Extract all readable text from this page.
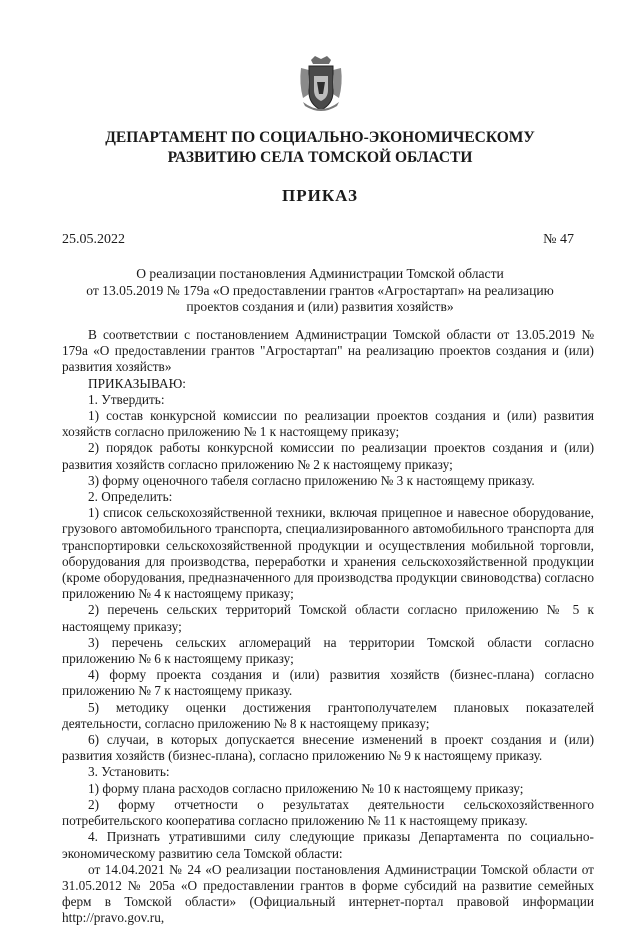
ДЕПАРТАМЕНТ ПО СОЦИАЛЬНО-ЭКОНОМИЧЕСКОМУ
РАЗВИТИЮ СЕЛА ТОМСКОЙ ОБЛАСТИ
ПРИКАЗ
25.05.2022	№ 47
О реализации постановления Администрации Томской области
от 13.05.2019 № 179а «О предоставлении грантов «Агростартап» на реализацию
проектов создания и (или) развития хозяйств»

В соответствии с постановлением Администрации Томской области от 13.05.2019 № 179а «О предоставлении грантов "Агростартап" на реализацию проектов создания и (или) развития хозяйств»

ПРИКАЗЫВАЮ:

1. Утвердить:

1) состав конкурсной комиссии по реализации проектов создания и (или) развития хозяйств согласно приложению № 1 к настоящему приказу;

2) порядок работы конкурсной комиссии по реализации проектов создания и (или) развития хозяйств согласно приложению № 2 к настоящему приказу;

3) форму оценочного табеля согласно приложению № 3 к настоящему приказу.

2. Определить:

1) список сельскохозяйственной техники, включая прицепное и навесное оборудование, грузового автомобильного транспорта, специализированного автомобильного транспорта для транспортировки сельскохозяйственной продукции и осуществления мобильной торговли, оборудования для производства, переработки и хранения сельскохозяйственной продукции (кроме оборудования, предназначенного для производства продукции свиноводства) согласно приложению № 4 к настоящему приказу;

2) перечень сельских территорий Томской области согласно приложению № 5 к настоящему приказу;

3) перечень сельских агломераций на территории Томской области согласно приложению № 6 к настоящему приказу;

4) форму проекта создания и (или) развития хозяйств (бизнес-плана) согласно приложению № 7 к настоящему приказу.

5) методику оценки достижения грантополучателем плановых показателей деятельности, согласно приложению № 8 к настоящему приказу;

6) случаи, в которых допускается внесение изменений в проект создания и (или) развития хозяйств (бизнес-плана), согласно приложению № 9 к настоящему приказу.

3. Установить:

1) форму плана расходов согласно приложению № 10 к настоящему приказу;

2) форму отчетности о результатах деятельности сельскохозяйственного потребительского кооператива согласно приложению № 11 к настоящему приказу.

4. Признать утратившими силу следующие приказы Департамента по социально-экономическому развитию села Томской области:

от 14.04.2021 № 24 «О реализации постановления Администрации Томской области от 31.05.2012 № 205а «О предоставлении грантов в форме субсидий на развитие семейных ферм в Томской области» (Официальный интернет-портал правовой информации http://pravo.gov.ru,
